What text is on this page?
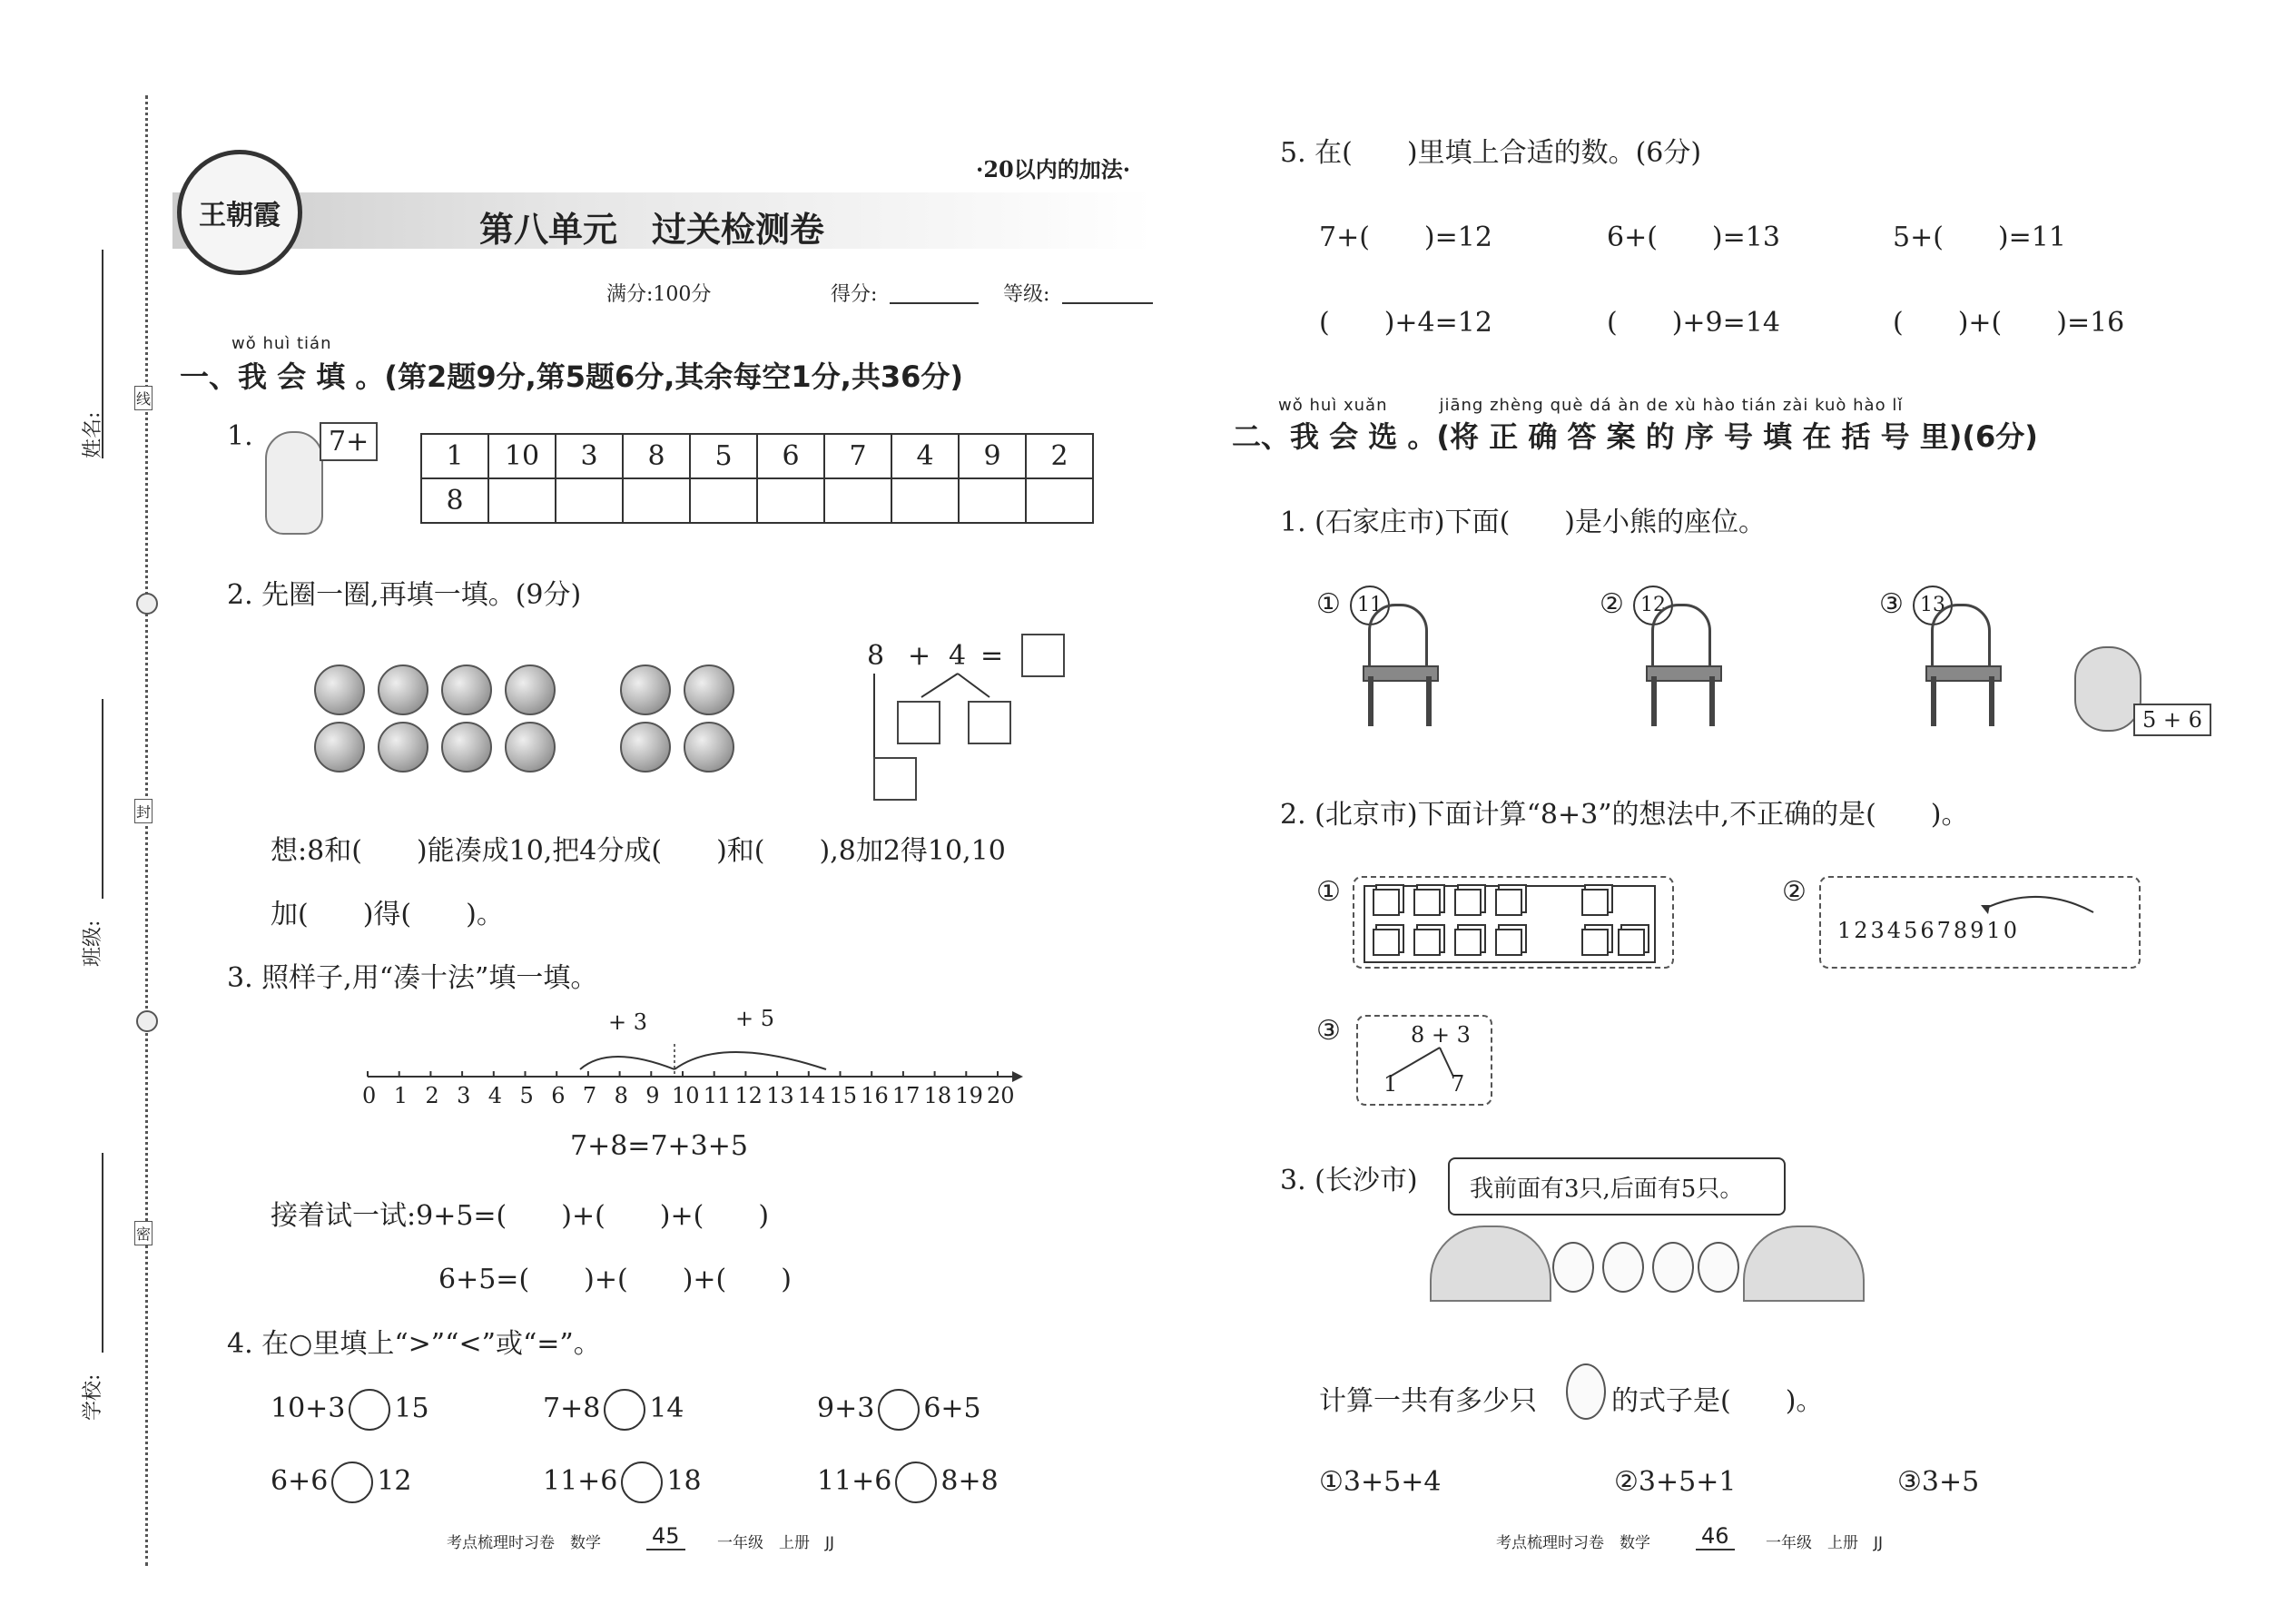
姓名:
班级:
学校:
线
封
密
王朝霞
·20以内的加法·
第八单元　过关检测卷
满分:100分	得分:	等级:
wǒ huì tián
一、我 会 填 。(第2题9分,第5题6分,其余每空1分,共36分)
1.	7+	1	10	3	8	5	6	7	4	9	2
8									
2. 先圈一圈,再填一填。(9分)
8 + 4 =
想:8和(　　)能凑成10,把4分成(　　)和(　　),8加2得10,10
加(　　)得(　　)。
3. 照样子,用“凑十法”填一填。
+ 3	+ 5
0 1 2 3 4 5 6 7 8 9 10 11 12 13 14 15 16 17 18 19 20
7+8=7+3+5
接着试一试:9+5=(　　)+(　　)+(　　)
6+5=(　　)+(　　)+(　　)
4. 在○里填上“>”“<”或“=”。
10+3 15	7+8 14	9+3 6+5
6+6 12	11+6 18	11+6 8+8
考点梳理时习卷　数学 45	一年级　上册　JJ
5. 在(　　)里填上合适的数。(6分)
7+(　　)=12	6+(　　)=13	5+(　　)=11
(　　)+4=12	(　　)+9=14	(　　)+(　　)=16
wǒ huì xuǎn　　　jiāng zhèng què dá àn de xù hào tián zài kuò hào lǐ
二、我 会 选 。(将 正 确 答 案 的 序 号 填 在 括 号 里)(6分)
1. (石家庄市)下面(　　)是小熊的座位。
①	②	③
11	12	13
5 + 6
2. (北京市)下面计算“8+3”的想法中,不正确的是(　　)。
①	②
12345678910
③	8 + 3
1 7
3. (长沙市) 我前面有3只,后面有5只。
计算一共有多少只	的式子是(　　)。
①3+5+4	②3+5+1	③3+5
考点梳理时习卷　数学 46	一年级　上册　JJ
